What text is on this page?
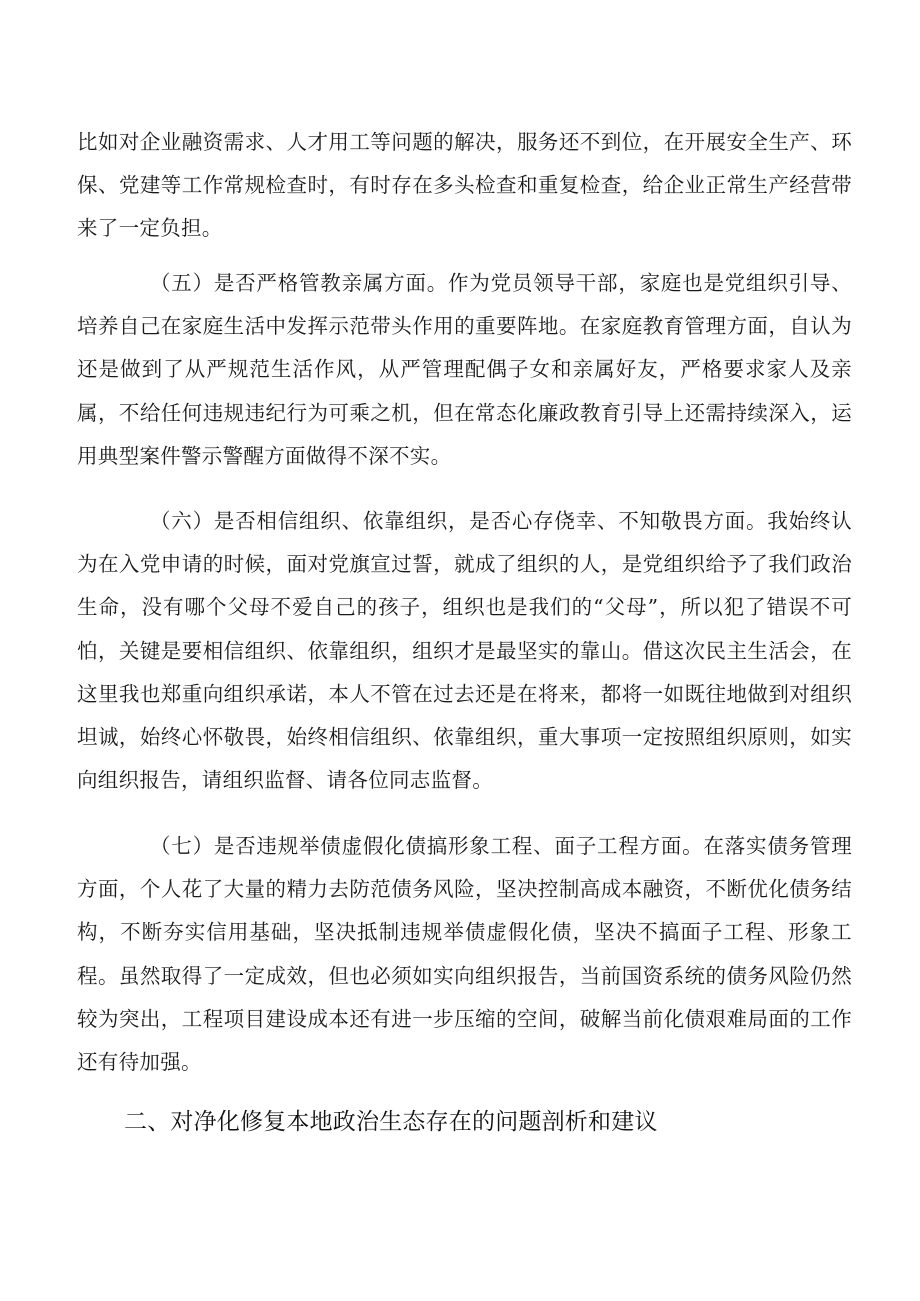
比如对企业融资需求、人才用工等问题的解决，服务还不到位，在开展安全生产、环保、党建等工作常规检查时，有时存在多头检查和重复检查，给企业正常生产经营带来了一定负担。

（五）是否严格管教亲属方面。作为党员领导干部，家庭也是党组织引导、培养自己在家庭生活中发挥示范带头作用的重要阵地。在家庭教育管理方面，自认为还是做到了从严规范生活作风，从严管理配偶子女和亲属好友，严格要求家人及亲属，不给任何违规违纪行为可乘之机，但在常态化廉政教育引导上还需持续深入，运用典型案件警示警醒方面做得不深不实。

（六）是否相信组织、依靠组织，是否心存侥幸、不知敬畏方面。我始终认为在入党申请的时候，面对党旗宣过誓，就成了组织的人，是党组织给予了我们政治生命，没有哪个父母不爱自己的孩子，组织也是我们的“父母”，所以犯了错误不可怕，关键是要相信组织、依靠组织，组织才是最坚实的靠山。借这次民主生活会，在这里我也郑重向组织承诺，本人不管在过去还是在将来，都将一如既往地做到对组织坦诚，始终心怀敬畏，始终相信组织、依靠组织，重大事项一定按照组织原则，如实向组织报告，请组织监督、请各位同志监督。

（七）是否违规举债虚假化债搞形象工程、面子工程方面。在落实债务管理方面，个人花了大量的精力去防范债务风险，坚决控制高成本融资，不断优化债务结构，不断夯实信用基础，坚决抵制违规举债虚假化债，坚决不搞面子工程、形象工程。虽然取得了一定成效，但也必须如实向组织报告，当前国资系统的债务风险仍然较为突出，工程项目建设成本还有进一步压缩的空间，破解当前化债艰难局面的工作还有待加强。

二、对净化修复本地政治生态存在的问题剖析和建议
